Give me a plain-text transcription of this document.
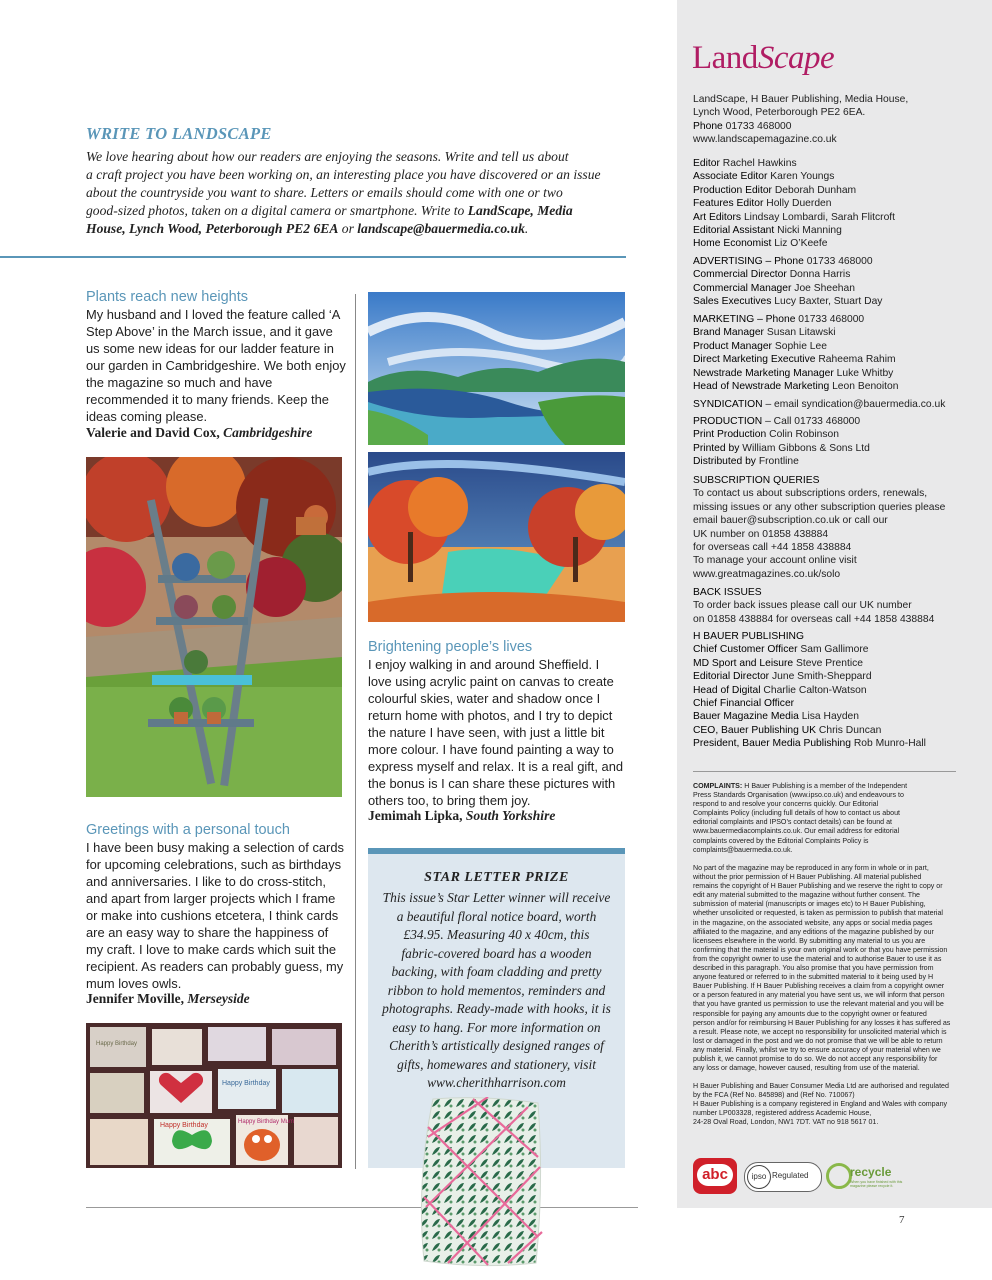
WRITE TO LANDSCAPE
We love hearing about how our readers are enjoying the seasons. Write and tell us about
a craft project you have been working on, an interesting place you have discovered or an issue
about the countryside you want to share. Letters or emails should come with one or two
good-sized photos, taken on a digital camera or smartphone. Write to LandScape, Media
House, Lynch Wood, Peterborough PE2 6EA or landscape@bauermedia.co.uk.
Plants reach new heights
My husband and I loved the feature called ‘A
Step Above’ in the March issue, and it gave
us some new ideas for our ladder feature in
our garden in Cambridgeshire. We both enjoy
the magazine so much and have
recommended it to many friends. Keep the
ideas coming please.
Valerie and David Cox, Cambridgeshire
Greetings with a personal touch
I have been busy making a selection of cards
for upcoming celebrations, such as birthdays
and anniversaries. I like to do cross-stitch,
and apart from larger projects which I frame
or make into cushions etcetera, I think cards
are an easy way to share the happiness of
my craft. I love to make cards which suit the
recipient. As readers can probably guess, my
mum loves owls.
Jennifer Moville, Merseyside
Happy Birthday
Happy Birthday	Happy Birthday Mum
Happy Birthday
Brightening people’s lives
I enjoy walking in and around Sheffield. I
love using acrylic paint on canvas to create
colourful skies, water and shadow once I
return home with photos, and I try to depict
the nature I have seen, with just a little bit
more colour. I have found painting a way to
express myself and relax. It is a real gift, and
the bonus is I can share these pictures with
others too, to bring them joy.
Jemimah Lipka, South Yorkshire
STAR LETTER PRIZE
This issue’s Star Letter winner will receive
a beautiful floral notice board, worth
£34.95. Measuring 40 x 40cm, this
fabric-covered board has a wooden
backing, with foam cladding and pretty
ribbon to hold mementos, reminders and
photographs. Ready-made with hooks, it is
easy to hang. For more information on
Cherith’s artistically designed ranges of
gifts, homewares and stationery, visit
www.cherithharrison.com
LandScape
LandScape, H Bauer Publishing, Media House,
Lynch Wood, Peterborough PE2 6EA.
Phone 01733 468000
www.landscapemagazine.co.uk
Editor Rachel Hawkins
Associate Editor Karen Youngs
Production Editor Deborah Dunham
Features Editor Holly Duerden
Art Editors Lindsay Lombardi, Sarah Flitcroft
Editorial Assistant Nicki Manning
Home Economist Liz O’Keefe
ADVERTISING – Phone 01733 468000
Commercial Director Donna Harris
Commercial Manager Joe Sheehan
Sales Executives Lucy Baxter, Stuart Day
MARKETING – Phone 01733 468000
Brand Manager Susan Litawski
Product Manager Sophie Lee
Direct Marketing Executive Raheema Rahim
Newstrade Marketing Manager Luke Whitby
Head of Newstrade Marketing Leon Benoiton
SYNDICATION – email syndication@bauermedia.co.uk
PRODUCTION – Call 01733 468000
Print Production Colin Robinson
Printed by William Gibbons & Sons Ltd
Distributed by Frontline
SUBSCRIPTION QUERIES
To contact us about subscriptions orders, renewals,
missing issues or any other subscription queries please
email bauer@subscription.co.uk or call our
UK number on 01858 438884
for overseas call +44 1858 438884
To manage your account online visit
www.greatmagazines.co.uk/solo
BACK ISSUES
To order back issues please call our UK number
on 01858 438884 for overseas call +44 1858 438884
H BAUER PUBLISHING
Chief Customer Officer Sam Gallimore
MD Sport and Leisure Steve Prentice
Editorial Director June Smith-Sheppard
Head of Digital Charlie Calton-Watson
Chief Financial Officer
Bauer Magazine Media Lisa Hayden
CEO, Bauer Publishing UK Chris Duncan
President, Bauer Media Publishing Rob Munro-Hall
COMPLAINTS: H Bauer Publishing is a member of the Independent
Press Standards Organisation (www.ipso.co.uk) and endeavours to
respond to and resolve your concerns quickly. Our Editorial
Complaints Policy (including full details of how to contact us about
editorial complaints and IPSO’s contact details) can be found at
www.bauermediacomplaints.co.uk. Our email address for editorial
complaints covered by the Editorial Complaints Policy is
complaints@bauermedia.co.uk.
No part of the magazine may be reproduced in any form in whole or in part,
without the prior permission of H Bauer Publishing. All material published
remains the copyright of H Bauer Publishing and we reserve the right to copy or
edit any material submitted to the magazine without further consent. The
submission of material (manuscripts or images etc) to H Bauer Publishing,
whether unsolicited or requested, is taken as permission to publish that material
in the magazine, on the associated website, any apps or social media pages
affiliated to the magazine, and any editions of the magazine published by our
licensees elsewhere in the world. By submitting any material to us you are
confirming that the material is your own original work or that you have permission
from the copyright owner to use the material and to authorise Bauer to use it as
described in this paragraph. You also promise that you have permission from
anyone featured or referred to in the submitted material to it being used by H
Bauer Publishing. If H Bauer Publishing receives a claim from a copyright owner
or a person featured in any material you have sent us, we will inform that person
that you have granted us permission to use the relevant material and you will be
responsible for paying any amounts due to the copyright owner or featured
person and/or for reimbursing H Bauer Publishing for any losses it has suffered as
a result. Please note, we accept no responsibility for unsolicited material which is
lost or damaged in the post and we do not promise that we will be able to return
any material. Finally, whilst we try to ensure accuracy of your material when we
publish it, we cannot promise to do so. We do not accept any responsibility for
any loss or damage, however caused, resulting from use of the material.
H Bauer Publishing and Bauer Consumer Media Ltd are authorised and regulated
by the FCA (Ref No. 845898) and (Ref No. 710067)
H Bauer Publishing is a company registered in England and Wales with company
number LP003328, registered address Academic House,
24-28 Oval Road, London, NW1 7DT. VAT no 918 5617 01.
abc	ipso Regulated	recycle
When you have finished with this magazine please recycle it.
7
